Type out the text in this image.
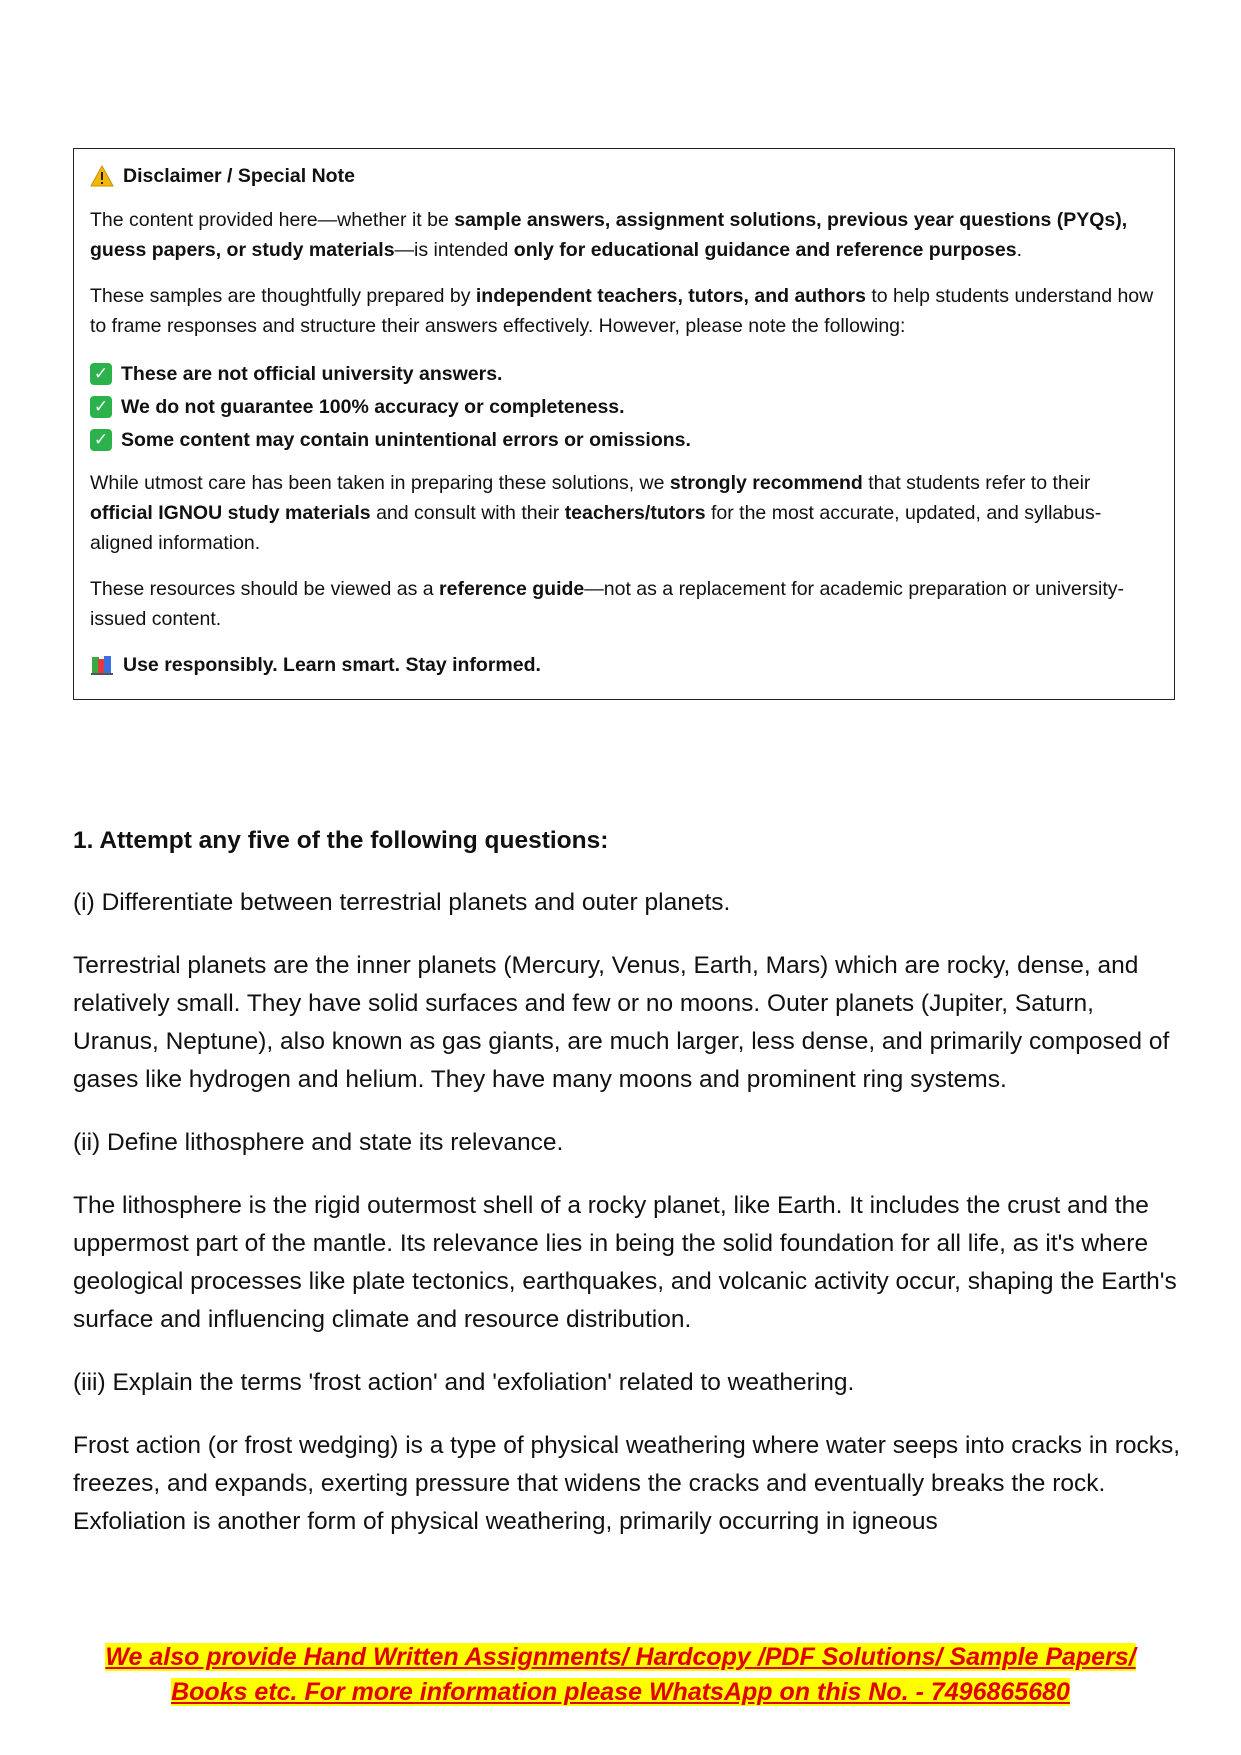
Disclaimer / Special Note

The content provided here—whether it be sample answers, assignment solutions, previous year questions (PYQs), guess papers, or study materials—is intended only for educational guidance and reference purposes.

These samples are thoughtfully prepared by independent teachers, tutors, and authors to help students understand how to frame responses and structure their answers effectively. However, please note the following:

✓ These are not official university answers.
✓ We do not guarantee 100% accuracy or completeness.
✓ Some content may contain unintentional errors or omissions.

While utmost care has been taken in preparing these solutions, we strongly recommend that students refer to their official IGNOU study materials and consult with their teachers/tutors for the most accurate, updated, and syllabus-aligned information.

These resources should be viewed as a reference guide—not as a replacement for academic preparation or university-issued content.

Use responsibly. Learn smart. Stay informed.

1. Attempt any five of the following questions:

(i) Differentiate between terrestrial planets and outer planets.

Terrestrial planets are the inner planets (Mercury, Venus, Earth, Mars) which are rocky, dense, and relatively small. They have solid surfaces and few or no moons. Outer planets (Jupiter, Saturn, Uranus, Neptune), also known as gas giants, are much larger, less dense, and primarily composed of gases like hydrogen and helium. They have many moons and prominent ring systems.

(ii) Define lithosphere and state its relevance.

The lithosphere is the rigid outermost shell of a rocky planet, like Earth. It includes the crust and the uppermost part of the mantle. Its relevance lies in being the solid foundation for all life, as it's where geological processes like plate tectonics, earthquakes, and volcanic activity occur, shaping the Earth's surface and influencing climate and resource distribution.

(iii) Explain the terms 'frost action' and 'exfoliation' related to weathering.

Frost action (or frost wedging) is a type of physical weathering where water seeps into cracks in rocks, freezes, and expands, exerting pressure that widens the cracks and eventually breaks the rock. Exfoliation is another form of physical weathering, primarily occurring in igneous

We also provide Hand Written Assignments/ Hardcopy /PDF Solutions/ Sample Papers/
Books etc. For more information please WhatsApp on this No. - 7496865680
